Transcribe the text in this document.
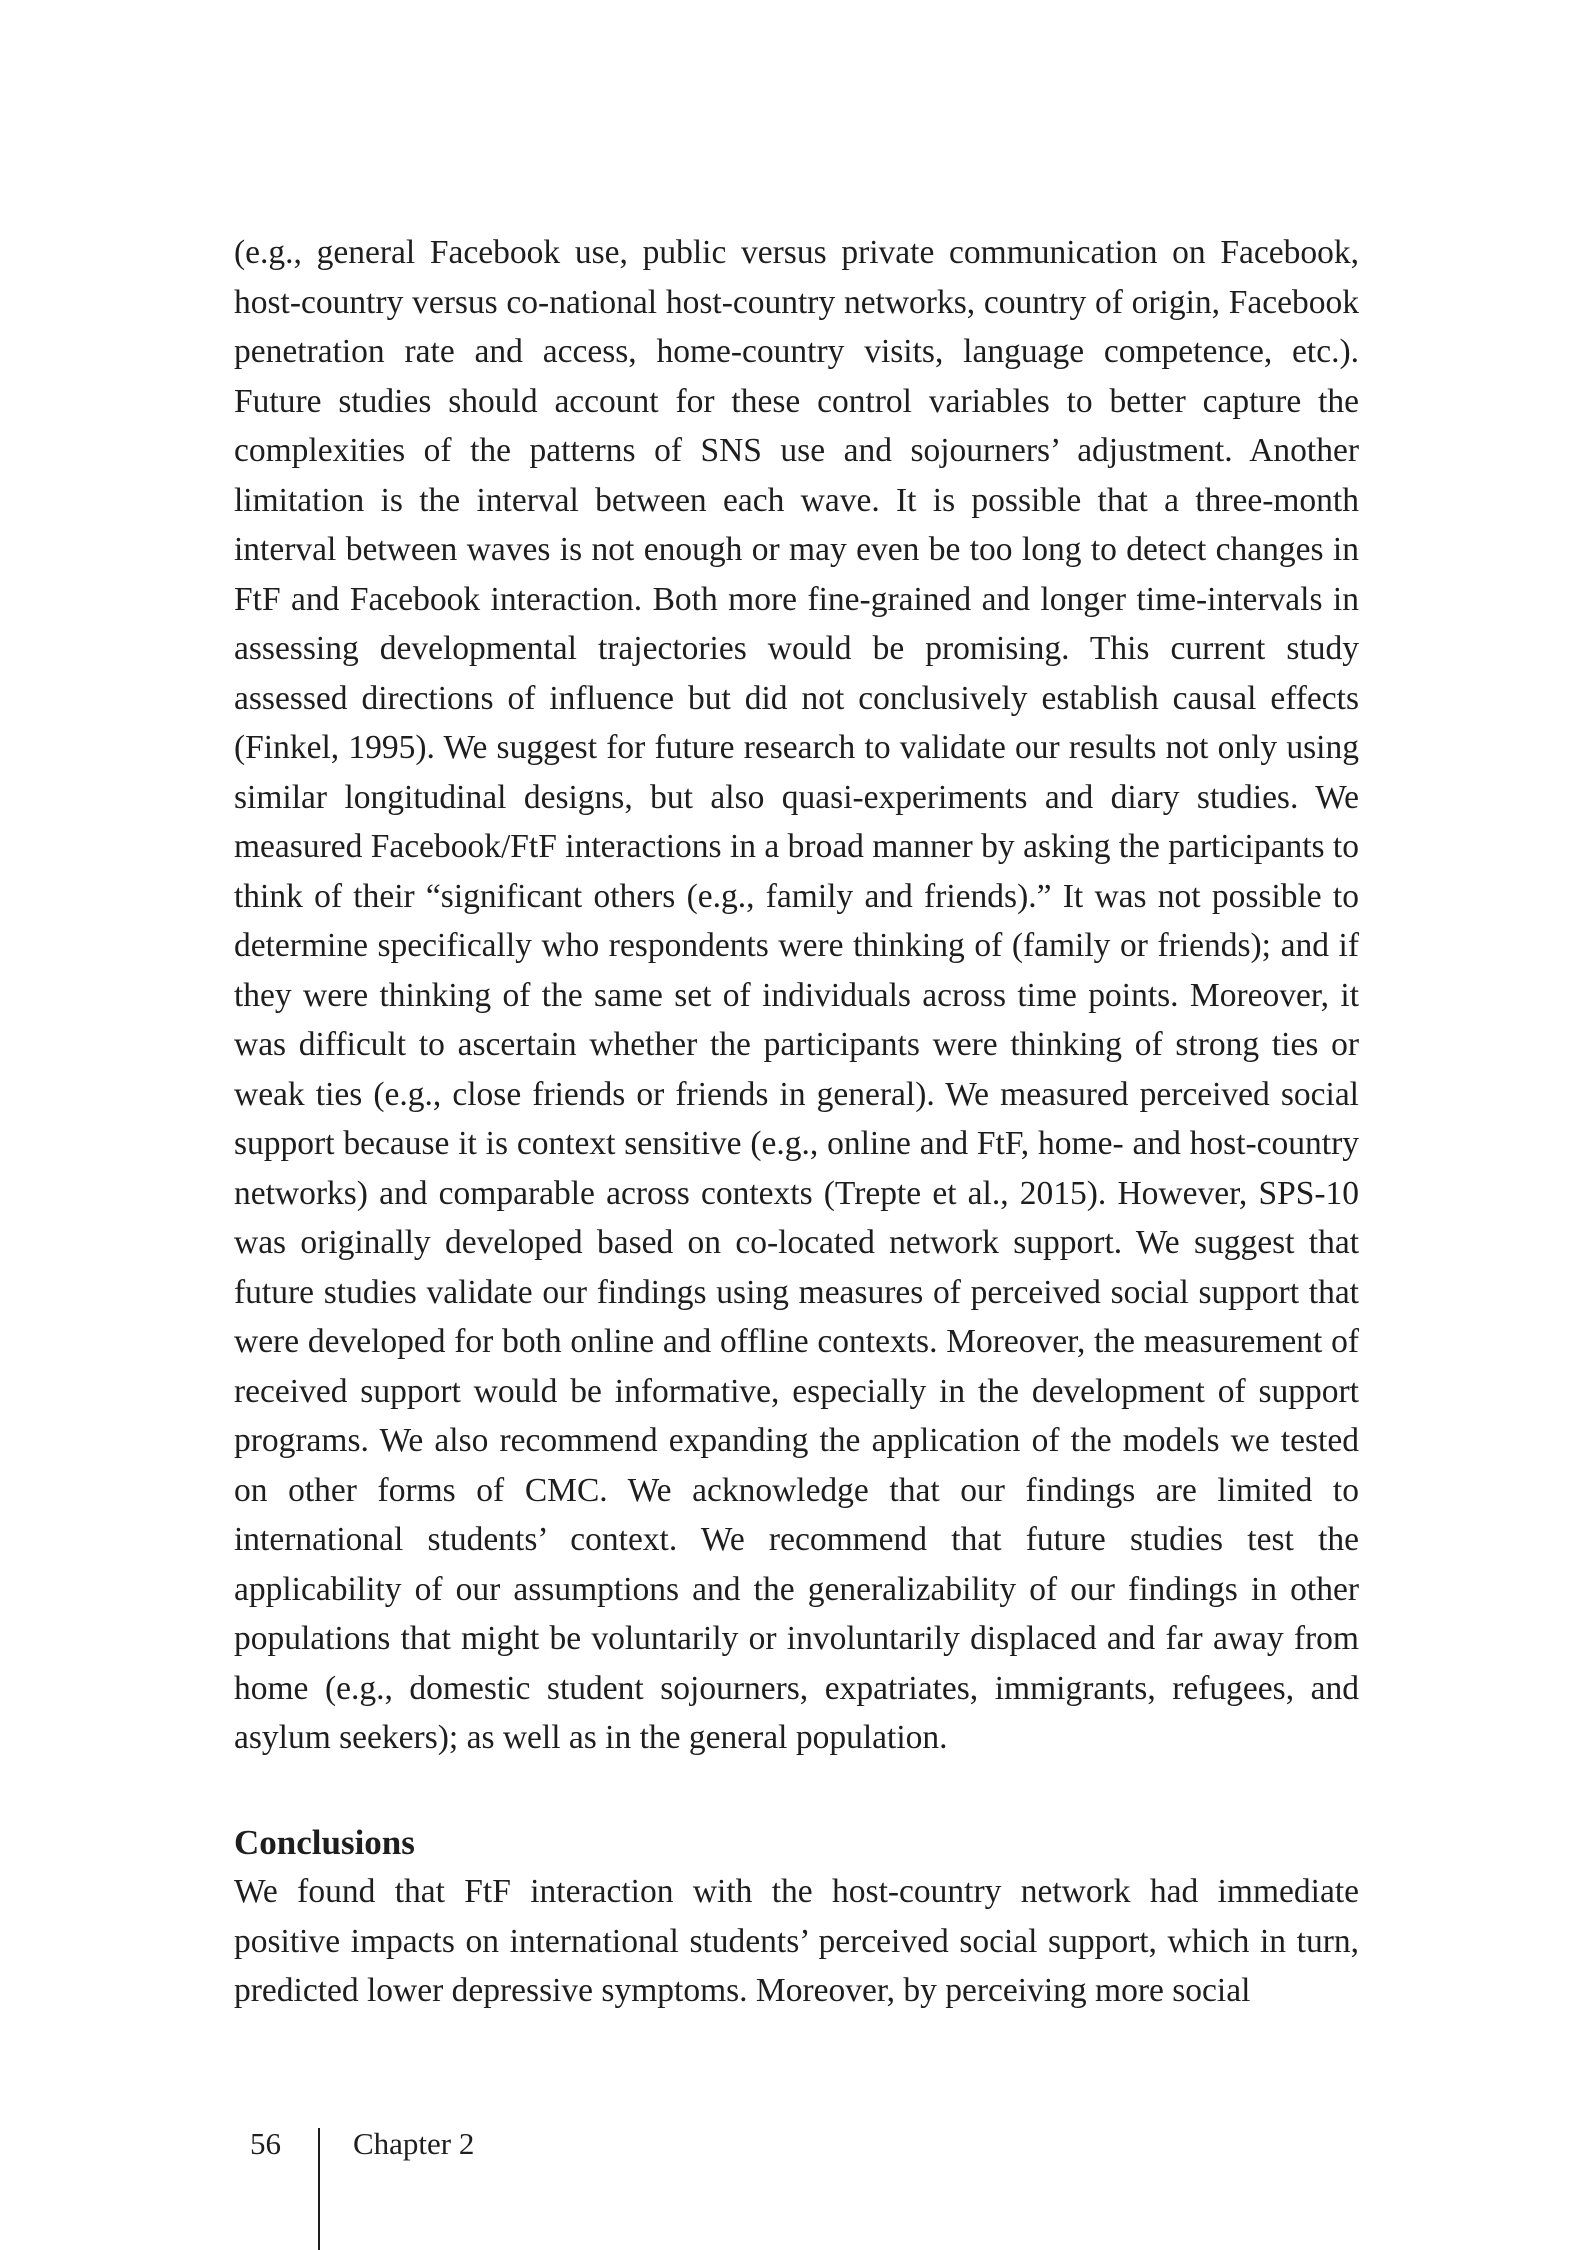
(e.g., general Facebook use, public versus private communication on Facebook, host-country versus co-national host-country networks, country of origin, Facebook penetration rate and access, home-country visits, language competence, etc.). Future studies should account for these control variables to better capture the complexities of the patterns of SNS use and sojourners’ adjustment. Another limitation is the interval between each wave. It is possible that a three-month interval between waves is not enough or may even be too long to detect changes in FtF and Facebook interaction. Both more fine-grained and longer time-intervals in assessing developmental trajectories would be promising. This current study assessed directions of influence but did not conclusively establish causal effects (Finkel, 1995). We suggest for future research to validate our results not only using similar longitudinal designs, but also quasi-experiments and diary studies. We measured Facebook/FtF interactions in a broad manner by asking the participants to think of their “significant others (e.g., family and friends).” It was not possible to determine specifically who respondents were thinking of (family or friends); and if they were thinking of the same set of individuals across time points. Moreover, it was difficult to ascertain whether the participants were thinking of strong ties or weak ties (e.g., close friends or friends in general). We measured perceived social support because it is context sensitive (e.g., online and FtF, home- and host-country networks) and comparable across contexts (Trepte et al., 2015). However, SPS-10 was originally developed based on co-located network support. We suggest that future studies validate our findings using measures of perceived social support that were developed for both online and offline contexts. Moreover, the measurement of received support would be informative, especially in the development of support programs. We also recommend expanding the application of the models we tested on other forms of CMC. We acknowledge that our findings are limited to international students’ context. We recommend that future studies test the applicability of our assumptions and the generalizability of our findings in other populations that might be voluntarily or involuntarily displaced and far away from home (e.g., domestic student sojourners, expatriates, immigrants, refugees, and asylum seekers); as well as in the general population.

Conclusions

We found that FtF interaction with the host-country network had immediate positive impacts on international students’ perceived social support, which in turn, predicted lower depressive symptoms. Moreover, by perceiving more social

56 Chapter 2
